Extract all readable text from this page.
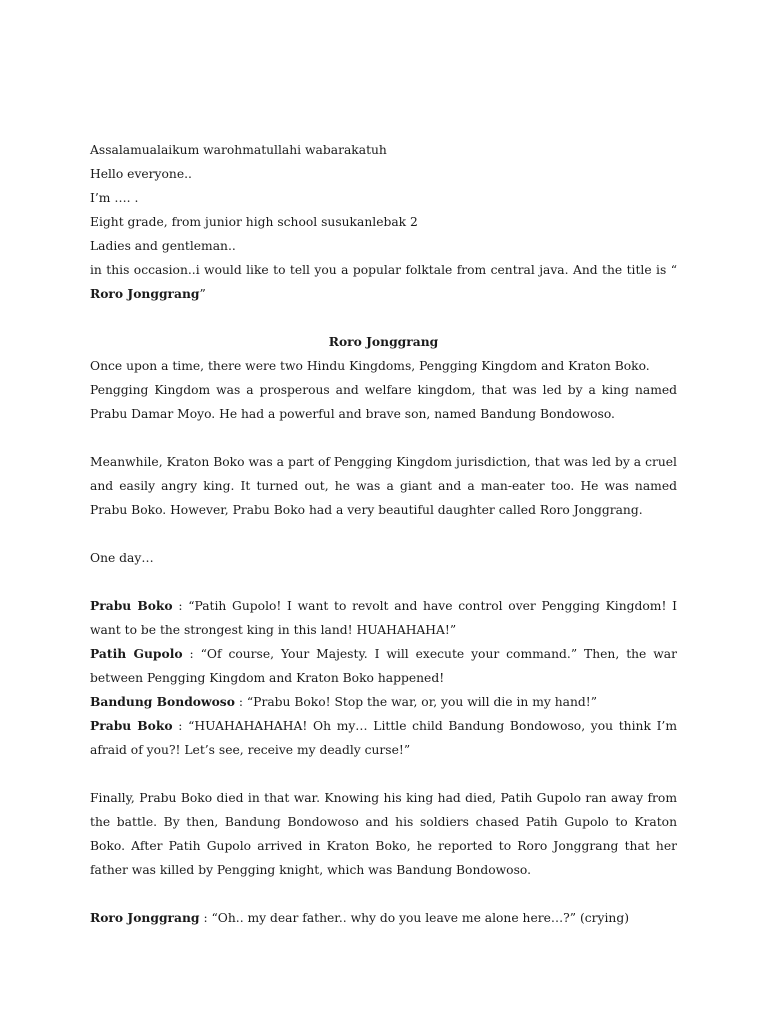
Assalamualaikum warohmatullahi wabarakatuh

Hello everyone..

I’m …. .

Eight grade, from junior high school susukanlebak 2

Ladies and gentleman..

in this occasion..i would like to tell you a popular folktale from central java. And the title is “ Roro Jonggrang”

Roro Jonggrang

Once upon a time, there were two Hindu Kingdoms, Pengging Kingdom and Kraton Boko.

Pengging Kingdom was a prosperous and welfare kingdom, that was led by a king named Prabu Damar Moyo. He had a powerful and brave son, named Bandung Bondowoso.

Meanwhile, Kraton Boko was a part of Pengging Kingdom jurisdiction, that was led by a cruel and easily angry king. It turned out, he was a giant and a man-eater too. He was named Prabu Boko. However, Prabu Boko had a very beautiful daughter called Roro Jonggrang.

One day…

Prabu Boko : “Patih Gupolo! I want to revolt and have control over Pengging Kingdom! I want to be the strongest king in this land! HUAHAHAHA!”

Patih Gupolo : “Of course, Your Majesty. I will execute your command.” Then, the war between Pengging Kingdom and Kraton Boko happened!

Bandung Bondowoso : “Prabu Boko! Stop the war, or, you will die in my hand!”

Prabu Boko : “HUAHAHAHAHA! Oh my… Little child Bandung Bondowoso, you think I’m afraid of you?! Let’s see, receive my deadly curse!”

Finally, Prabu Boko died in that war. Knowing his king had died, Patih Gupolo ran away from the battle. By then, Bandung Bondowoso and his soldiers chased Patih Gupolo to Kraton Boko. After Patih Gupolo arrived in Kraton Boko, he reported to Roro Jonggrang that her father was killed by Pengging knight, which was Bandung Bondowoso.

Roro Jonggrang : “Oh.. my dear father.. why do you leave me alone here…?” (crying)
